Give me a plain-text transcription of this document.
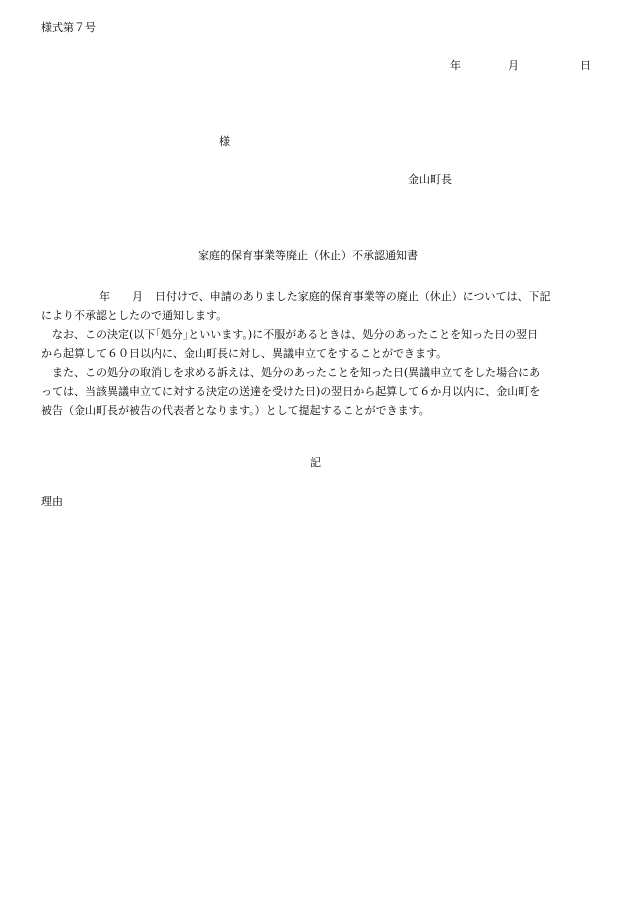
様式第７号
年	月	日
様
金山町長
家庭的保育事業等廃止（休止）不承認通知書
年 月 日付けで、申請のありました家庭的保育事業等の廃止（休止）については、下記
により不承認としたので通知します。
　なお、この決定(以下｢処分｣といいます。)に不服があるときは、処分のあったことを知った日の翌日
から起算して６０日以内に、金山町長に対し、異議申立てをすることができます。
　また、この処分の取消しを求める訴えは、処分のあったことを知った日(異議申立てをした場合にあ
っては、当該異議申立てに対する決定の送達を受けた日)の翌日から起算して６か月以内に、金山町を
被告（金山町長が被告の代表者となります。）として提起することができます。
記
理由
